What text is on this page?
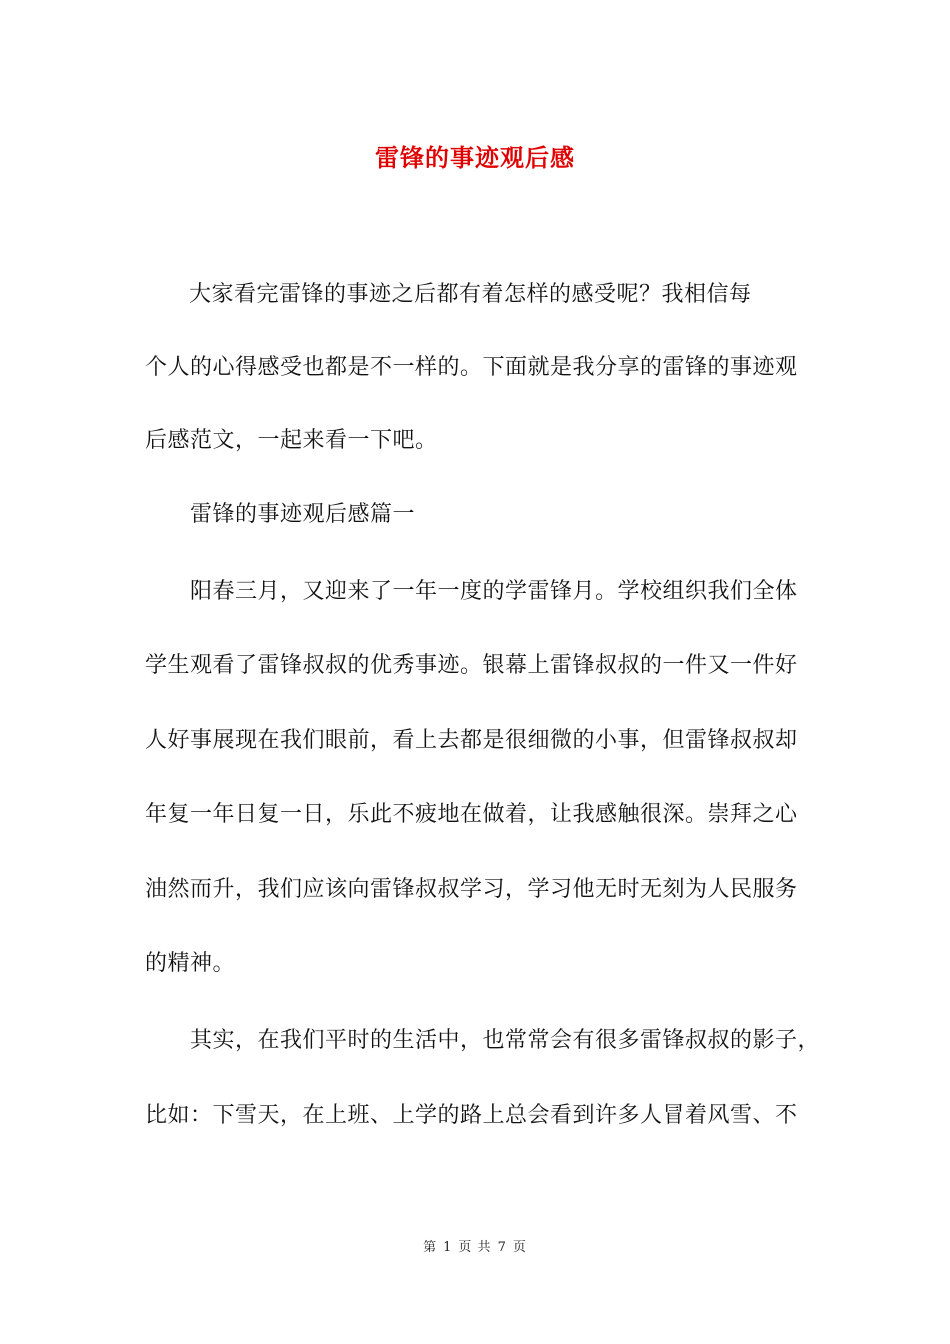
雷锋的事迹观后感
大家看完雷锋的事迹之后都有着怎样的感受呢？我相信每
个人的心得感受也都是不一样的。下面就是我分享的雷锋的事迹观
后感范文，一起来看一下吧。
　　雷锋的事迹观后感篇一
　　阳春三月，又迎来了一年一度的学雷锋月。学校组织我们全体
学生观看了雷锋叔叔的优秀事迹。银幕上雷锋叔叔的一件又一件好
人好事展现在我们眼前，看上去都是很细微的小事，但雷锋叔叔却
年复一年日复一日，乐此不疲地在做着，让我感触很深。崇拜之心
油然而升，我们应该向雷锋叔叔学习，学习他无时无刻为人民服务
的精神。
　　其实，在我们平时的生活中，也常常会有很多雷锋叔叔的影子，
比如：下雪天，在上班、上学的路上总会看到许多人冒着风雪、不
第 1 页 共 7 页
